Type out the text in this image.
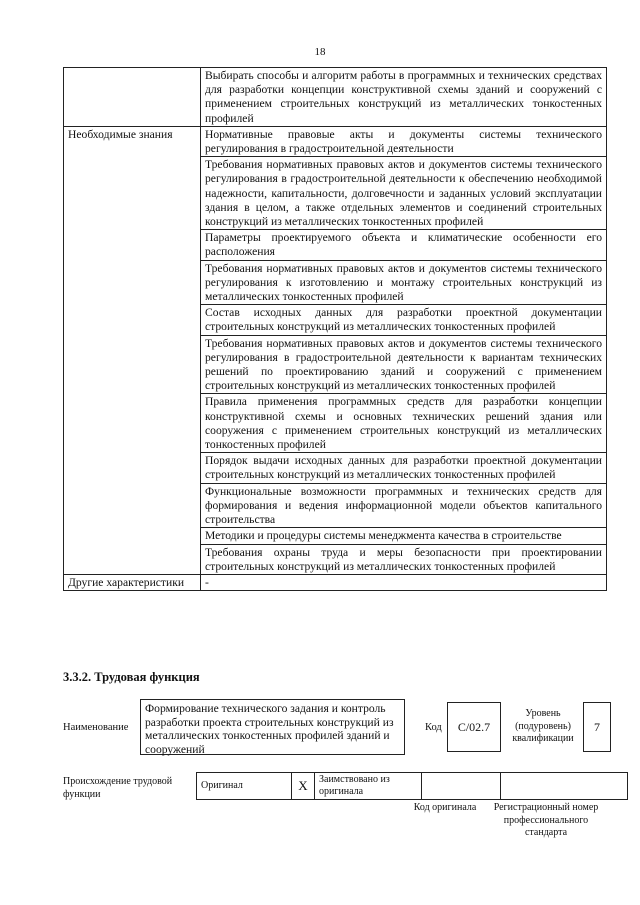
18
	Выбирать способы и алгоритм работы в программных и технических средствах для разработки концепции конструктивной схемы зданий и сооружений с применением строительных конструкций из металлических тонкостенных профилей
Необходимые знания	Нормативные правовые акты и документы системы технического регулирования в градостроительной деятельности
	Требования нормативных правовых актов и документов системы технического регулирования в градостроительной деятельности к обеспечению необходимой надежности, капитальности, долговечности и заданных условий эксплуатации здания в целом, а также отдельных элементов и соединений строительных конструкций из металлических тонкостенных профилей
	Параметры проектируемого объекта и климатические особенности его расположения
	Требования нормативных правовых актов и документов системы технического регулирования к изготовлению и монтажу строительных конструкций из металлических тонкостенных профилей
	Состав исходных данных для разработки проектной документации строительных конструкций из металлических тонкостенных профилей
	Требования нормативных правовых актов и документов системы технического регулирования в градостроительной деятельности к вариантам технических решений по проектированию зданий и сооружений с применением строительных конструкций из металлических тонкостенных профилей
	Правила применения программных средств для разработки концепции конструктивной схемы и основных технических решений здания или сооружения с применением строительных конструкций из металлических тонкостенных профилей
	Порядок выдачи исходных данных для разработки проектной документации строительных конструкций из металлических тонкостенных профилей
	Функциональные возможности программных и технических средств для формирования и ведения информационной модели объектов капитального строительства
	Методики и процедуры системы менеджмента качества в строительстве
	Требования охраны труда и меры безопасности при проектировании строительных конструкций из металлических тонкостенных профилей
Другие характеристики	-
3.3.2. Трудовая функция
Наименование
Формирование технического задания и контроль разработки проекта строительных конструкций из металлических тонкостенных профилей зданий и сооружений
Код	C/02.7
Уровень (подуровень) квалификации
7
Происхождение трудовой функции
Оригинал	X	Заимствовано из оригинала		
Код оригинала	Регистрационный номер профессионального стандарта
